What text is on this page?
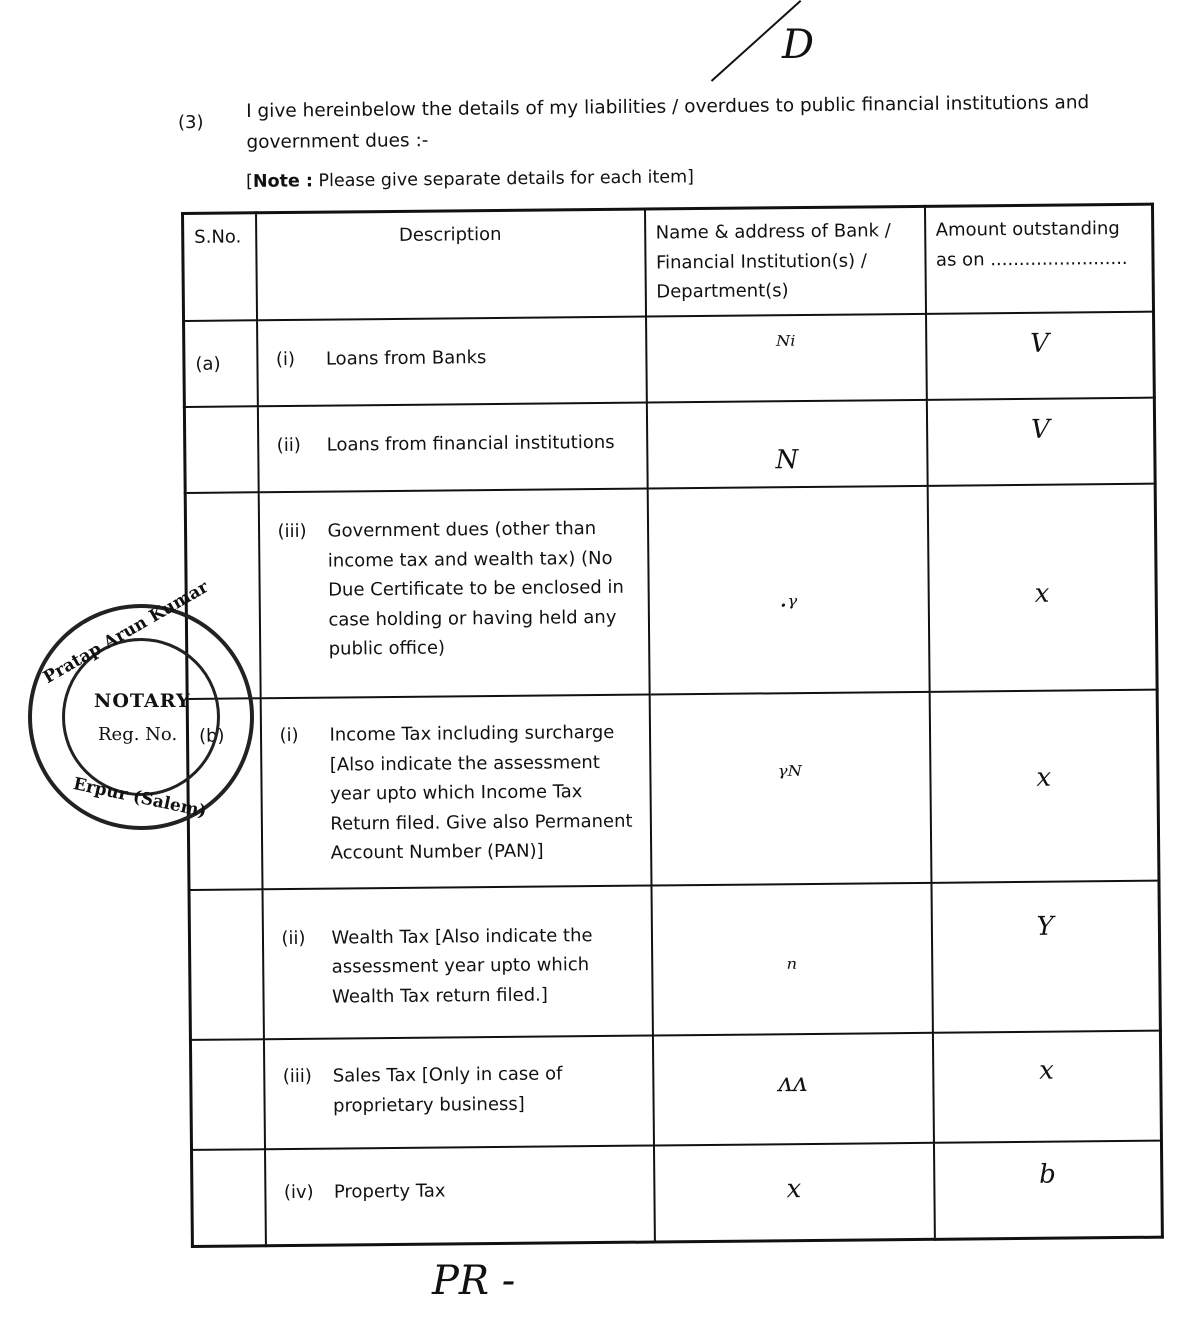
D
(3)
I give hereinbelow the details of my liabilities / overdues to public financial institutions and government dues :-
[Note : Please give separate details for each item]
S.No.	Description	Name & address of Bank / Financial Institution(s) / Department(s)	Amount outstanding as on ........................
(a)	(i) Loans from Banks	ᴺⁱ	V

	(ii) Loans from financial institutions	N	V

	(iii) Government dues (other than income tax and wealth tax) (No Due Certificate to be enclosed in case holding or having held any public office)	·ᵞ	x

(b)	(i) Income Tax including surcharge [Also indicate the assessment year upto which Income Tax Return filed. Give also Permanent Account Number (PAN)]	ᵞᴺ	x

	(ii) Wealth Tax [Also indicate the assessment year upto which Wealth Tax return filed.]	ⁿ	Y

	(iii) Sales Tax [Only in case of proprietary business]	ᴧᴧ	x

	(iv) Property Tax	x	b
Pratap Arun Kumar
NOTARY
Reg. No.
Erpur (Salem)
PR -
